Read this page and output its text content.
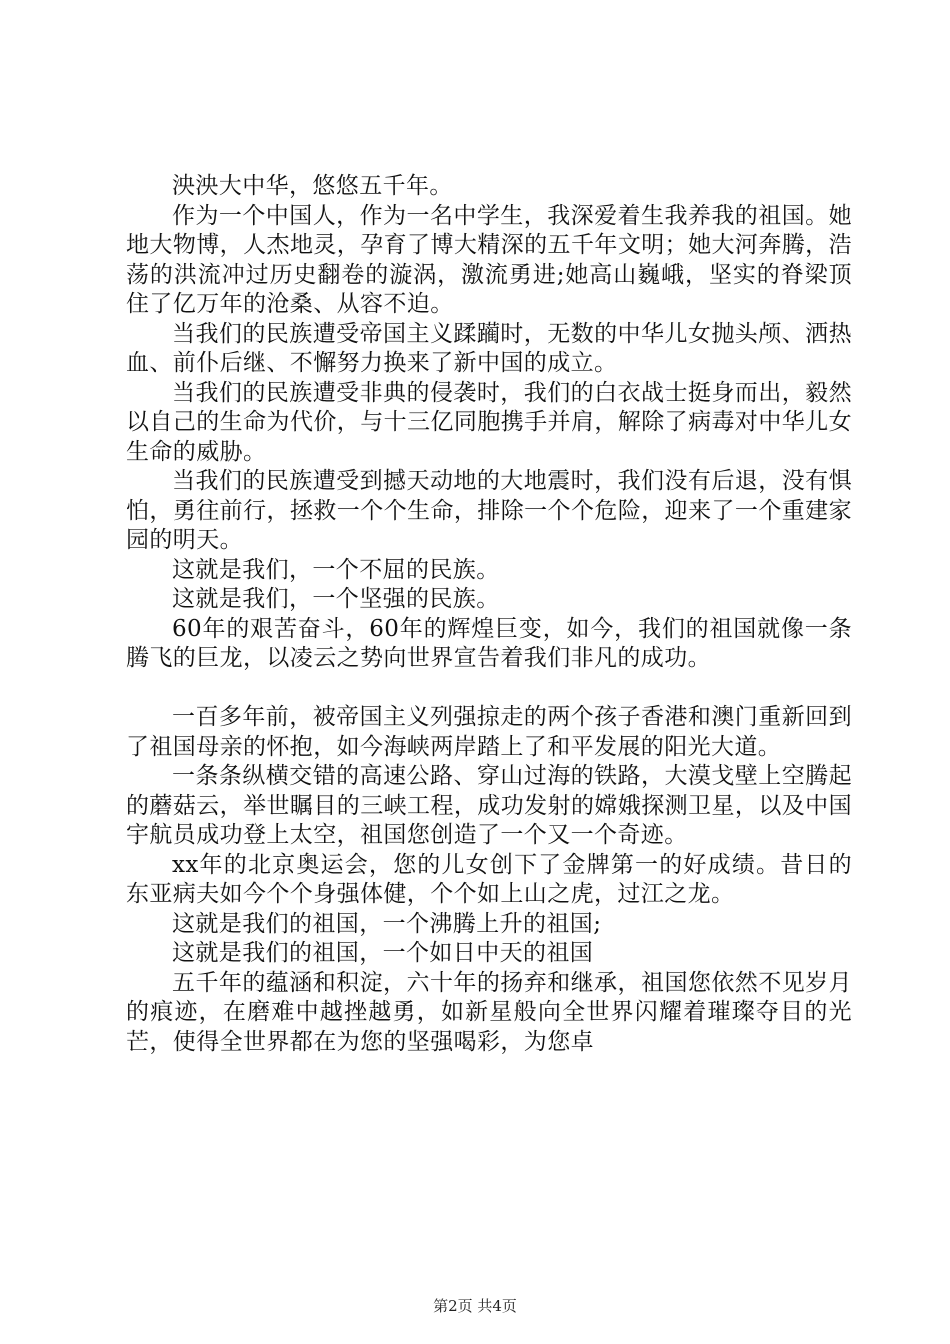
泱泱大中华，悠悠五千年。

作为一个中国人，作为一名中学生，我深爱着生我养我的祖国。她地大物博，人杰地灵，孕育了博大精深的五千年文明；她大河奔腾，浩荡的洪流冲过历史翻卷的漩涡，激流勇进;她高山巍峨，坚实的脊梁顶住了亿万年的沧桑、从容不迫。

当我们的民族遭受帝国主义蹂躏时，无数的中华儿女抛头颅、洒热血、前仆后继、不懈努力换来了新中国的成立。

当我们的民族遭受非典的侵袭时，我们的白衣战士挺身而出，毅然以自己的生命为代价，与十三亿同胞携手并肩，解除了病毒对中华儿女生命的威胁。

当我们的民族遭受到撼天动地的大地震时，我们没有后退，没有惧怕，勇往前行，拯救一个个生命，排除一个个危险，迎来了一个重建家园的明天。

这就是我们，一个不屈的民族。

这就是我们，一个坚强的民族。

60年的艰苦奋斗，60年的辉煌巨变，如今，我们的祖国就像一条腾飞的巨龙，以凌云之势向世界宣告着我们非凡的成功。

一百多年前，被帝国主义列强掠走的两个孩子香港和澳门重新回到了祖国母亲的怀抱，如今海峡两岸踏上了和平发展的阳光大道。

一条条纵横交错的高速公路、穿山过海的铁路，大漠戈壁上空腾起的蘑菇云，举世瞩目的三峡工程，成功发射的嫦娥探测卫星，以及中国宇航员成功登上太空，祖国您创造了一个又一个奇迹。

xx年的北京奥运会，您的儿女创下了金牌第一的好成绩。昔日的东亚病夫如今个个身强体健，个个如上山之虎，过江之龙。

这就是我们的祖国，一个沸腾上升的祖国;

这就是我们的祖国，一个如日中天的祖国

五千年的蕴涵和积淀，六十年的扬弃和继承，祖国您依然不见岁月的痕迹，在磨难中越挫越勇，如新星般向全世界闪耀着璀璨夺目的光芒，使得全世界都在为您的坚强喝彩，为您卓

第2页 共4页
